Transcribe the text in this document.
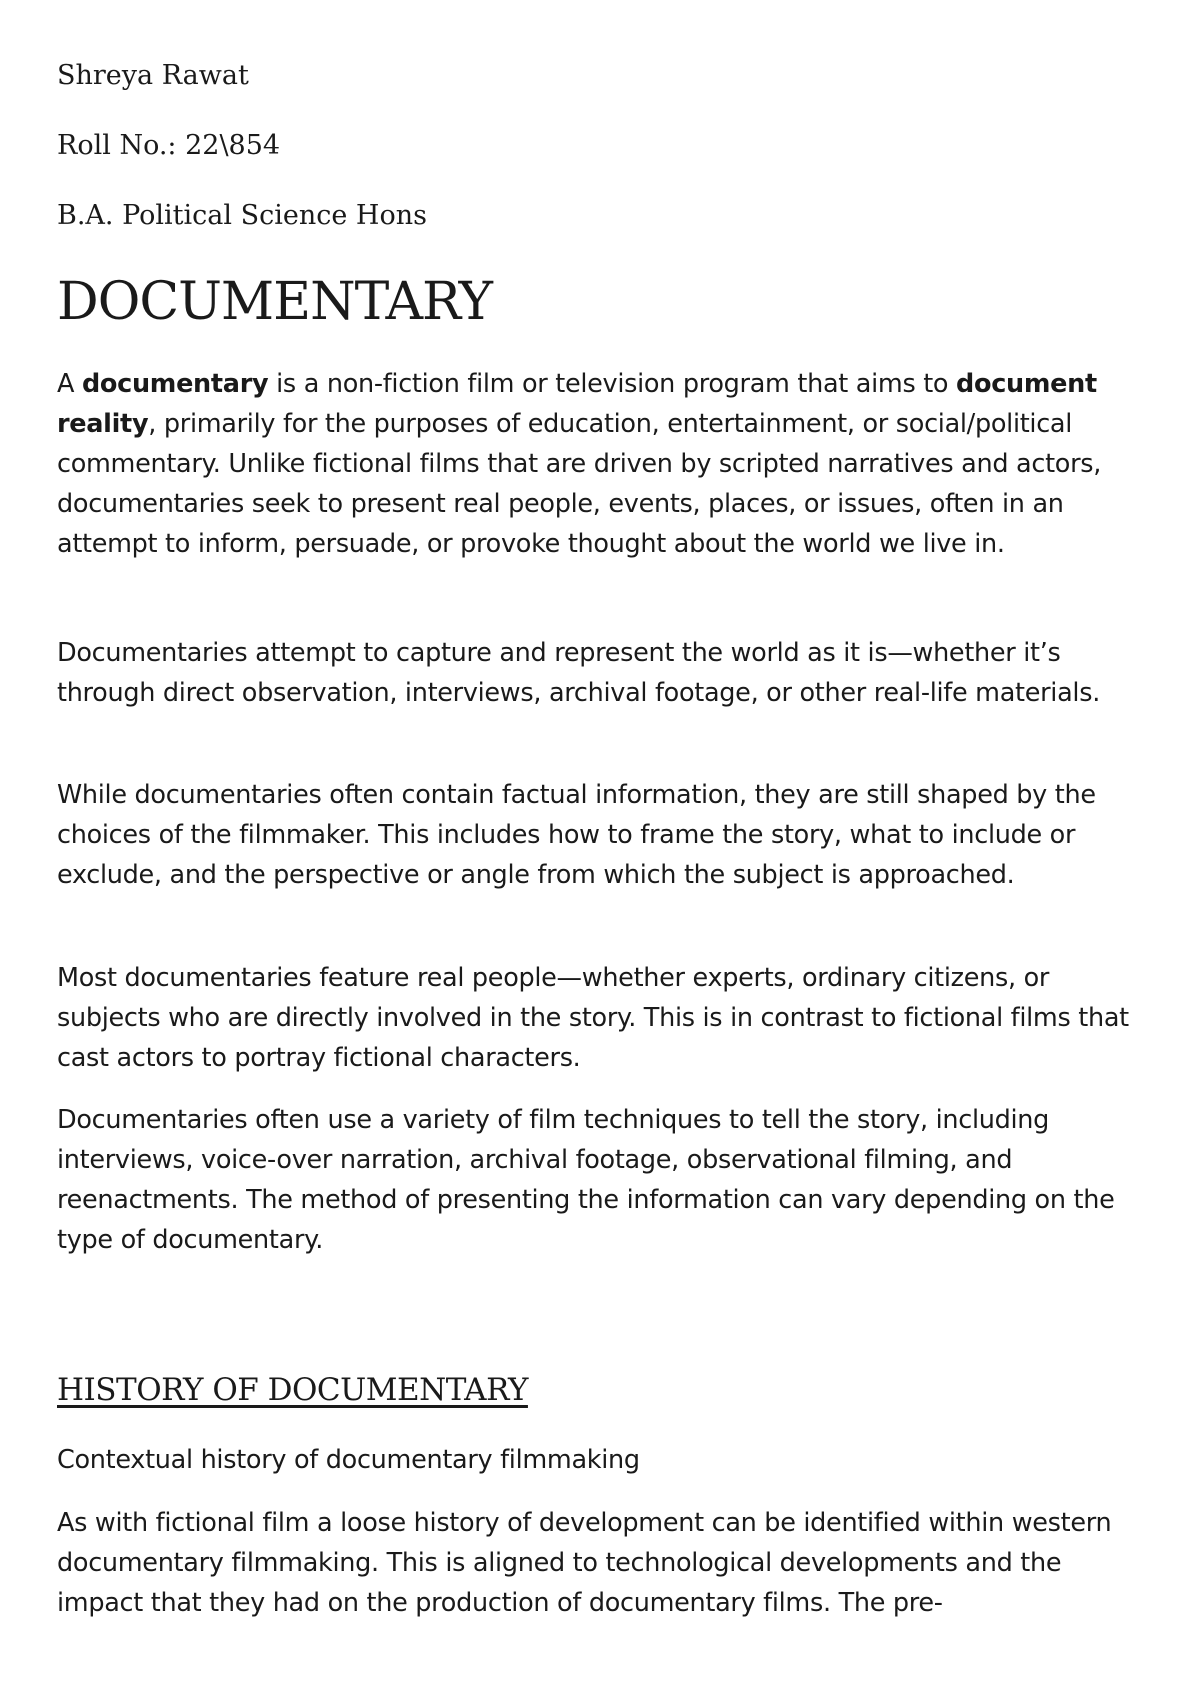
Shreya Rawat

Roll No.: 22\854

B.A. Political Science Hons

DOCUMENTARY

A documentary is a non-fiction film or television program that aims to document reality, primarily for the purposes of education, entertainment, or social/political commentary. Unlike fictional films that are driven by scripted narratives and actors, documentaries seek to present real people, events, places, or issues, often in an attempt to inform, persuade, or provoke thought about the world we live in.

Documentaries attempt to capture and represent the world as it is—whether it’s through direct observation, interviews, archival footage, or other real-life materials.

While documentaries often contain factual information, they are still shaped by the choices of the filmmaker. This includes how to frame the story, what to include or exclude, and the perspective or angle from which the subject is approached.

Most documentaries feature real people—whether experts, ordinary citizens, or subjects who are directly involved in the story. This is in contrast to fictional films that cast actors to portray fictional characters.

Documentaries often use a variety of film techniques to tell the story, including interviews, voice-over narration, archival footage, observational filming, and reenactments. The method of presenting the information can vary depending on the type of documentary.

HISTORY OF DOCUMENTARY

Contextual history of documentary filmmaking

As with fictional film a loose history of development can be identified within western documentary filmmaking. This is aligned to technological developments and the impact that they had on the production of documentary films. The pre-
